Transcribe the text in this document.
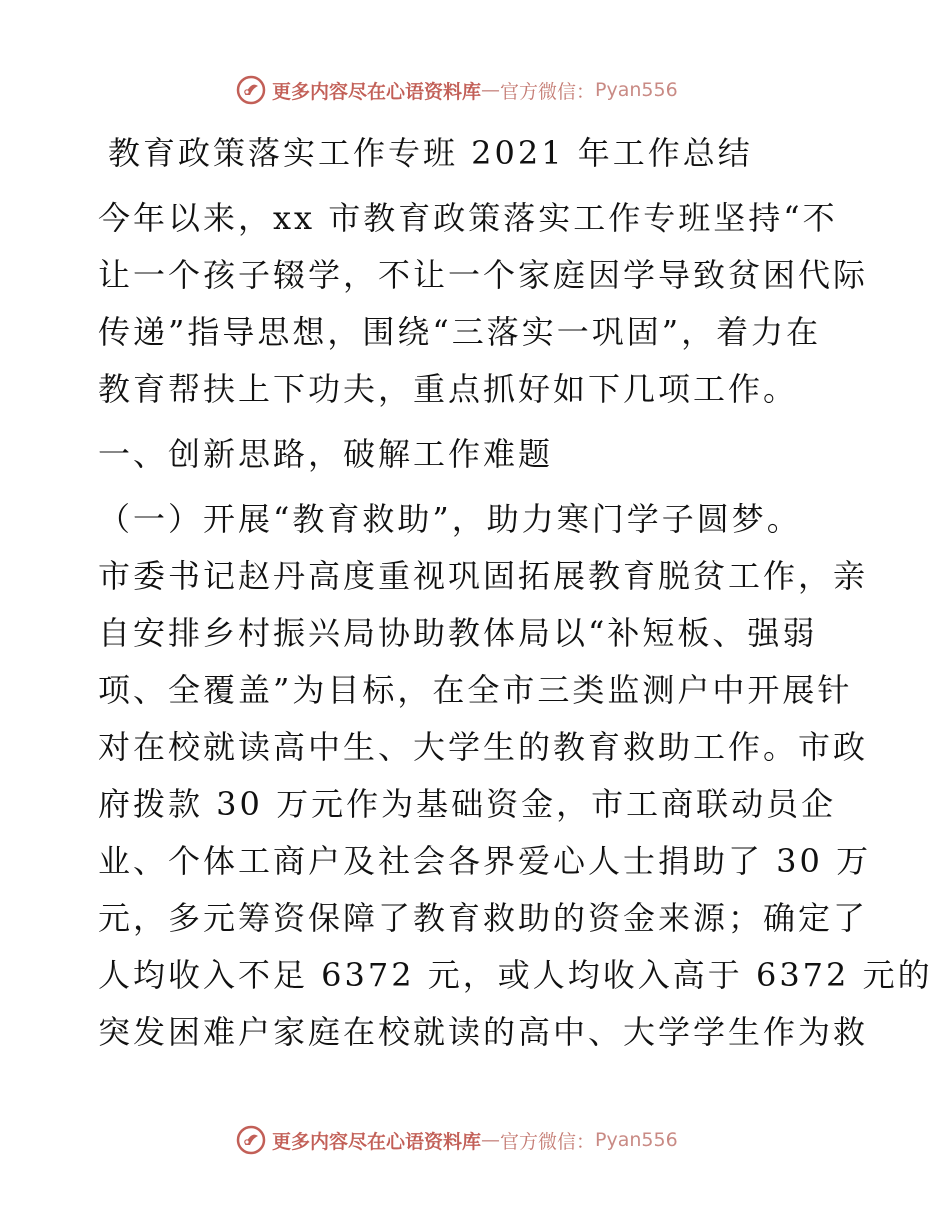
更多内容尽在心语资料库 — 官方微信： Pyan556
教育政策落实工作专班 2021 年工作总结
今年以来，xx 市教育政策落实工作专班坚持“不
让一个孩子辍学，不让一个家庭因学导致贫困代际
传递”指导思想，围绕“三落实一巩固”，着力在
教育帮扶上下功夫，重点抓好如下几项工作。
一、创新思路，破解工作难题
（一）开展“教育救助”，助力寒门学子圆梦。
市委书记赵丹高度重视巩固拓展教育脱贫工作，亲
自安排乡村振兴局协助教体局以“补短板、强弱
项、全覆盖”为目标，在全市三类监测户中开展针
对在校就读高中生、大学生的教育救助工作。市政
府拨款 30 万元作为基础资金，市工商联动员企
业、个体工商户及社会各界爱心人士捐助了 30 万
元，多元筹资保障了教育救助的资金来源；确定了
人均收入不足 6372 元，或人均收入高于 6372 元的
突发困难户家庭在校就读的高中、大学学生作为救
更多内容尽在心语资料库 — 官方微信： Pyan556
